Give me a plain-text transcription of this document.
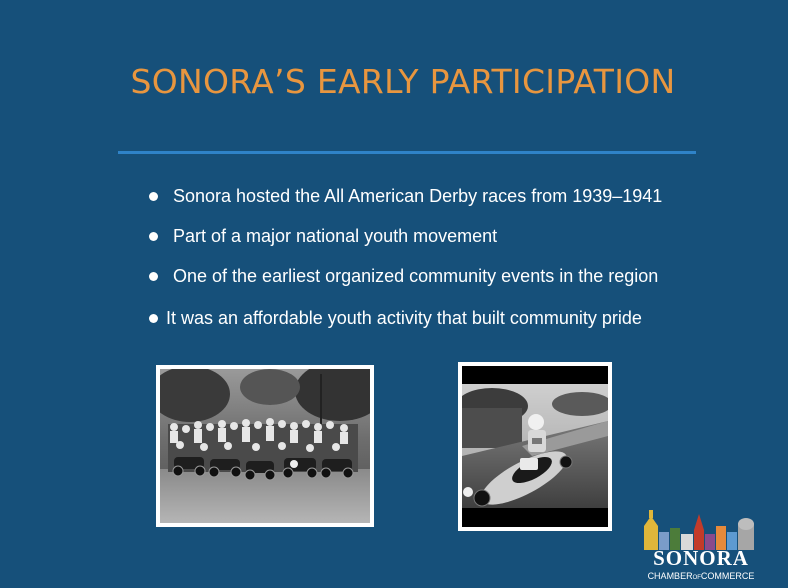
SONORA’S EARLY PARTICIPATION
Sonora hosted the All American Derby races from 1939–1941
Part of a major national youth movement
One of the earliest organized community events in the region
It was an affordable youth activity that built community pride
SONORA
CHAMBEROFCOMMERCE
